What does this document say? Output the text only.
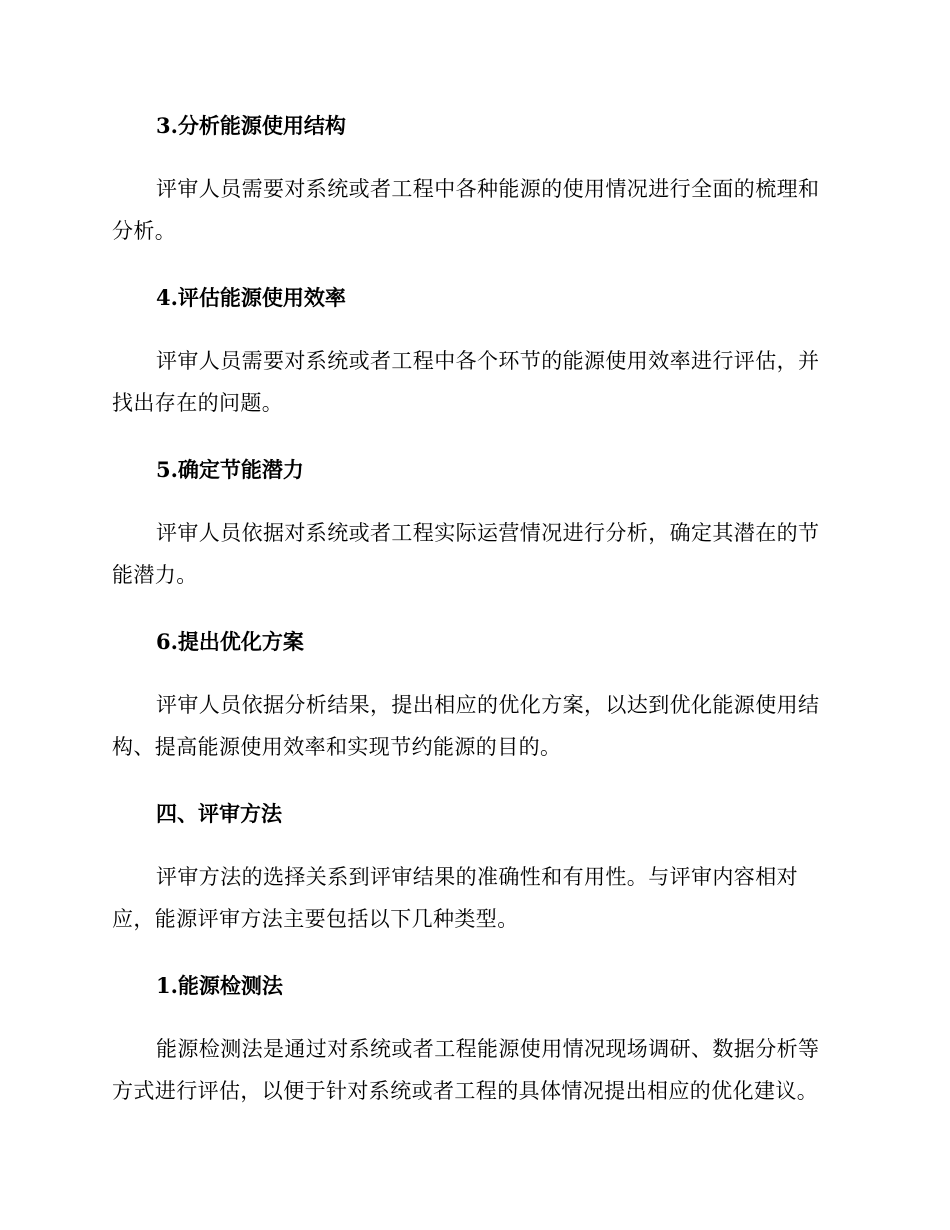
3.分析能源使用结构

评审人员需要对系统或者工程中各种能源的使用情况进行全面的梳理和分析。

4.评估能源使用效率

评审人员需要对系统或者工程中各个环节的能源使用效率进行评估，并找出存在的问题。

5.确定节能潜力

评审人员依据对系统或者工程实际运营情况进行分析，确定其潜在的节能潜力。

6.提出优化方案

评审人员依据分析结果，提出相应的优化方案，以达到优化能源使用结构、提高能源使用效率和实现节约能源的目的。

四、评审方法

评审方法的选择关系到评审结果的准确性和有用性。与评审内容相对应，能源评审方法主要包括以下几种类型。

1.能源检测法

能源检测法是通过对系统或者工程能源使用情况现场调研、数据分析等方式进行评估，以便于针对系统或者工程的具体情况提出相应的优化建议。
